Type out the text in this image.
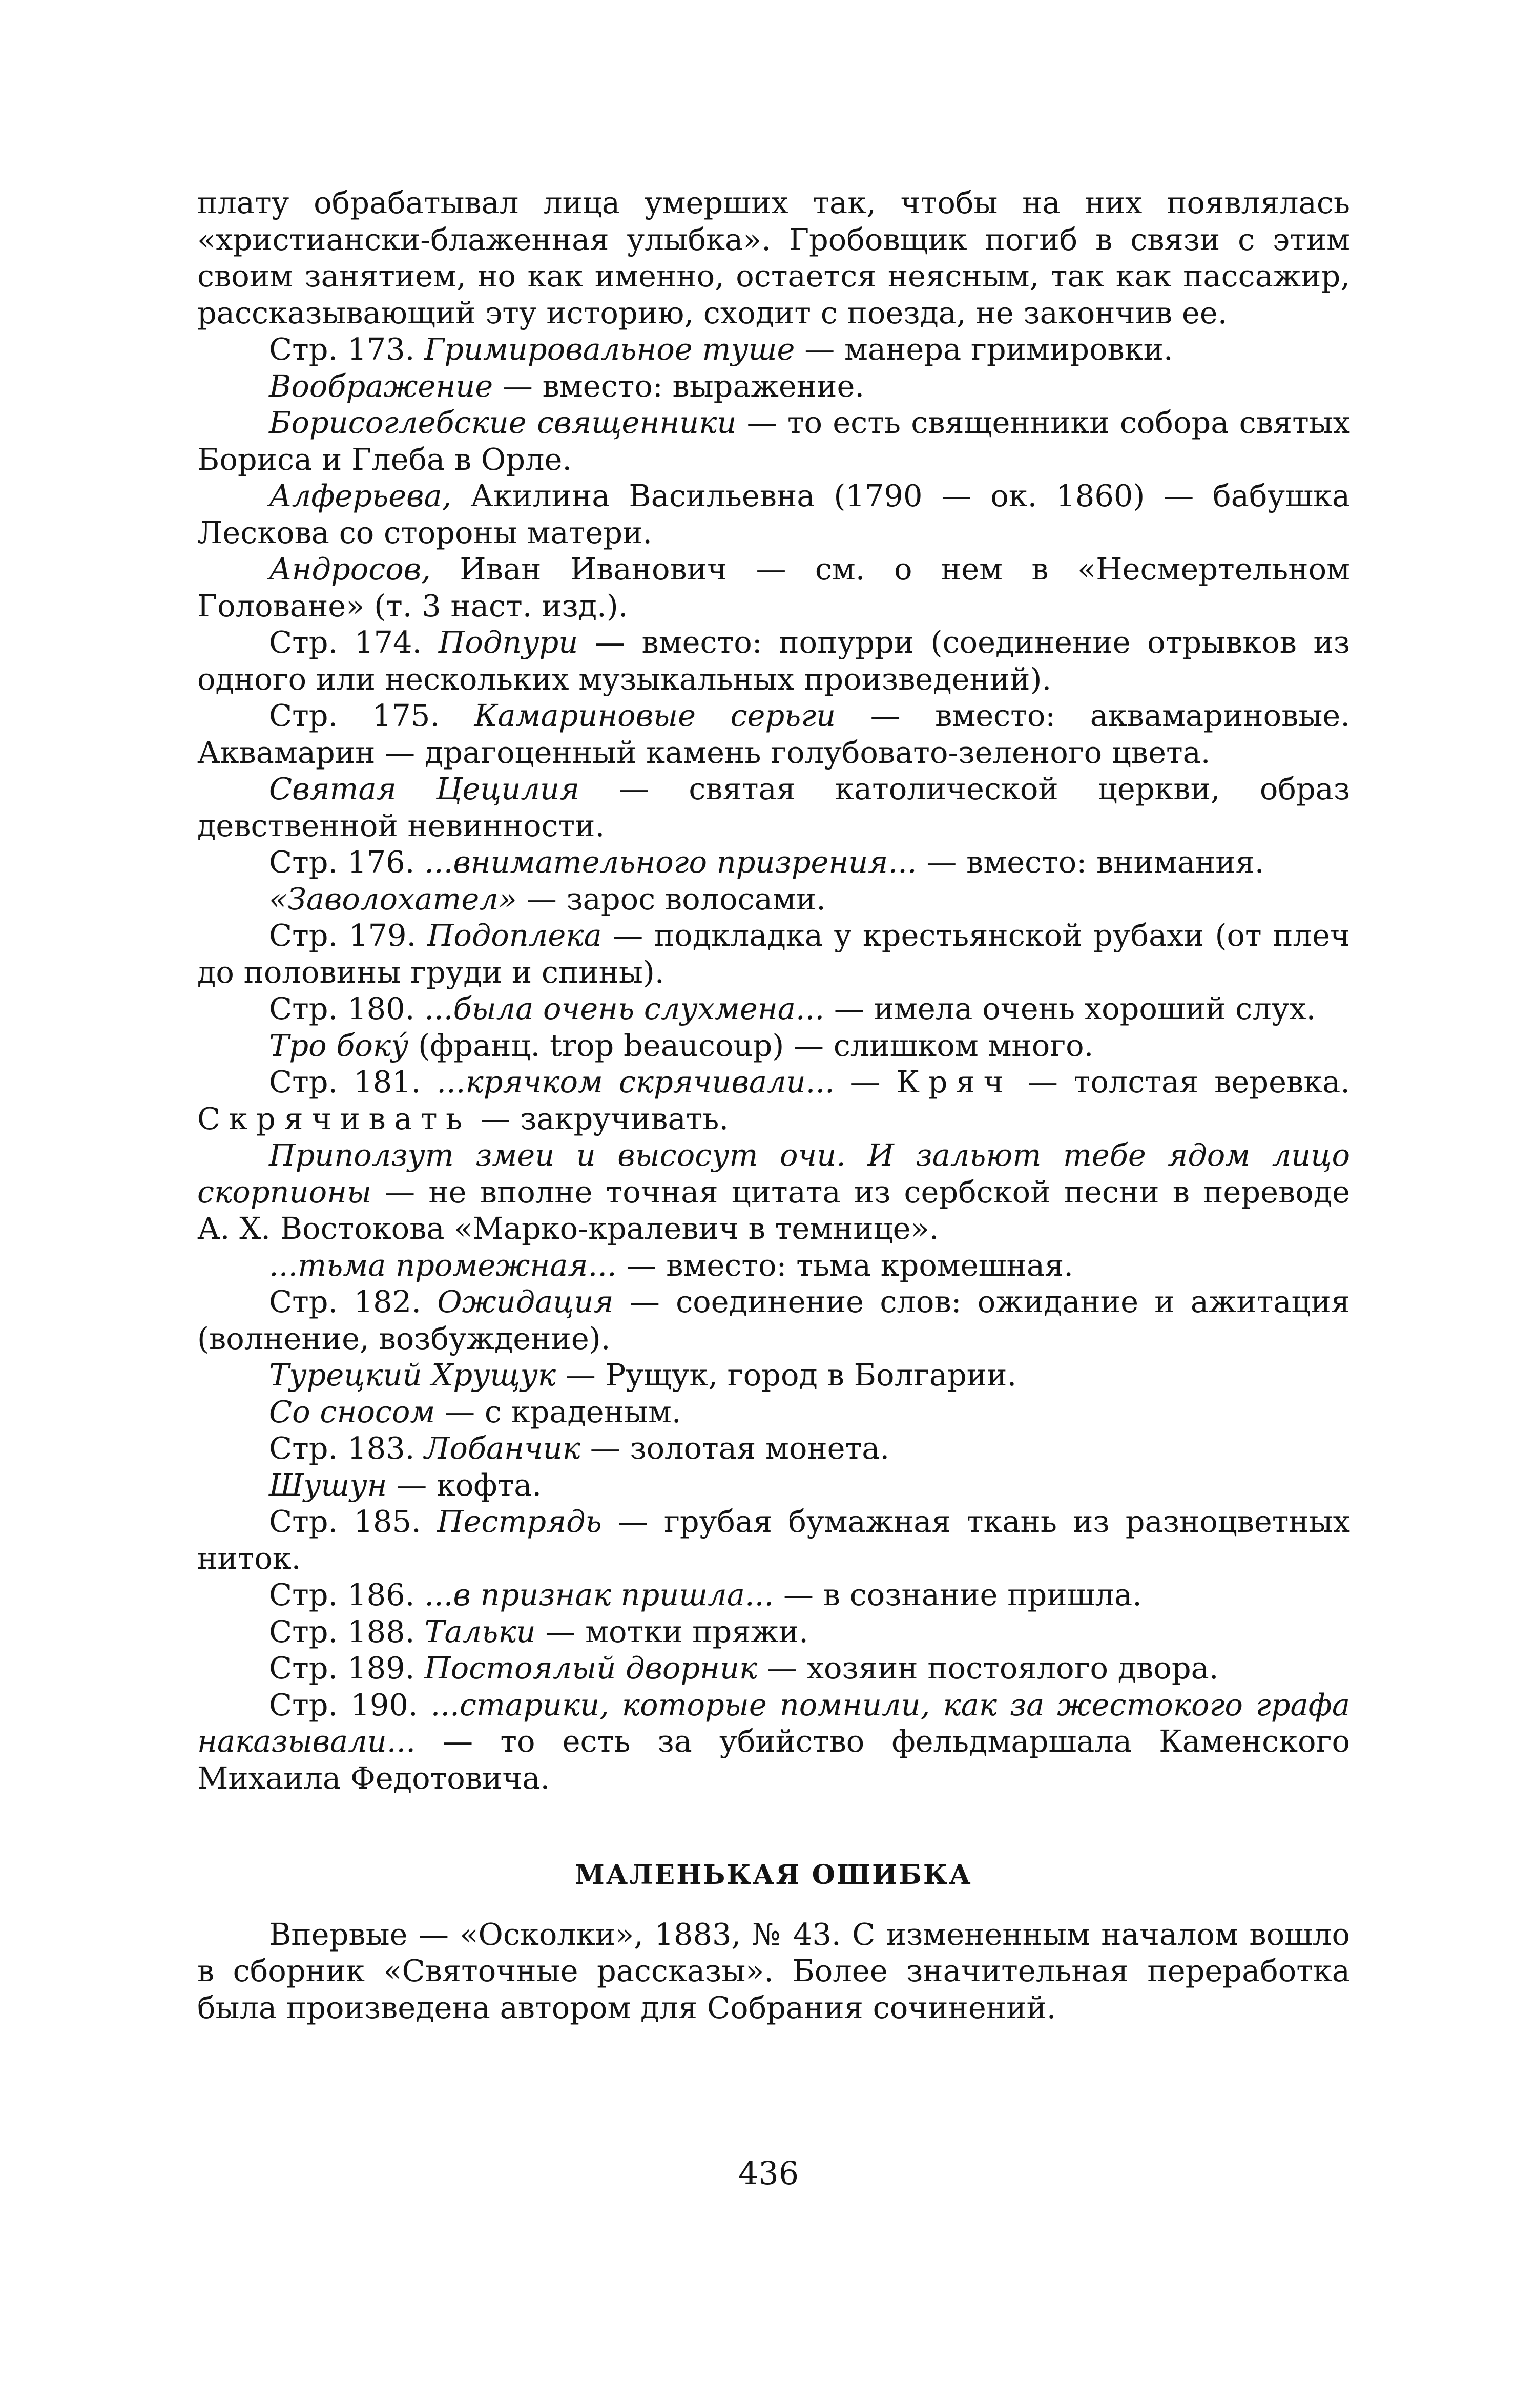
плату обрабатывал лица умерших так, чтобы на них появлялась «христиански-блаженная улыбка». Гробовщик погиб в связи с этим своим занятием, но как именно, остается неясным, так как пассажир, рассказывающий эту историю, сходит с поезда, не закончив ее.

Стр. 173. Гримировальное туше — манера гримировки.

Воображение — вместо: выражение.

Борисоглебские священники — то есть священники собора святых Бориса и Глеба в Орле.

Алферьева, Акилина Васильевна (1790 — ок. 1860) — бабушка Лескова со стороны матери.

Андросов, Иван Иванович — см. о нем в «Несмертельном Головане» (т. 3 наст. изд.).

Стр. 174. Подпури — вместо: попурри (соединение отрывков из одного или нескольких музыкальных произведений).

Стр. 175. Камариновые серьги — вместо: аквамариновые. Аквамарин — драгоценный камень голубовато-зеленого цвета.

Святая Цецилия — святая католической церкви, образ девственной невинности.

Стр. 176. ...внимательного призрения... — вместо: внимания.

«Заволохател» — зарос волосами.

Стр. 179. Подоплека — подкладка у крестьянской рубахи (от плеч до половины груди и спины).

Стр. 180. ...была очень слухмена... — имела очень хороший слух.

Тро боку́ (франц. trop beaucoup) — слишком много.

Стр. 181. ...крячком скрячивали... — Кряч — толстая веревка. Скрячивать — закручивать.

Приползут змеи и высосут очи. И зальют тебе ядом лицо скорпионы — не вполне точная цитата из сербской песни в переводе А. Х. Востокова «Марко-кралевич в темнице».

...тьма промежная... — вместо: тьма кромешная.

Стр. 182. Ожидация — соединение слов: ожидание и ажитация (волнение, возбуждение).

Турецкий Хрущук — Рущук, город в Болгарии.

Со сносом — с краденым.

Стр. 183. Лобанчик — золотая монета.

Шушун — кофта.

Стр. 185. Пестрядь — грубая бумажная ткань из разноцветных ниток.

Стр. 186. ...в признак пришла... — в сознание пришла.

Стр. 188. Тальки — мотки пряжи.

Стр. 189. Постоялый дворник — хозяин постоялого двора.

Стр. 190. ...старики, которые помнили, как за жестокого графа наказывали... — то есть за убийство фельдмаршала Каменского Михаила Федотовича.

МАЛЕНЬКАЯ ОШИБКА

Впервые — «Осколки», 1883, № 43. С измененным началом вошло в сборник «Святочные рассказы». Более значительная переработка была произведена автором для Собрания сочинений.

436
